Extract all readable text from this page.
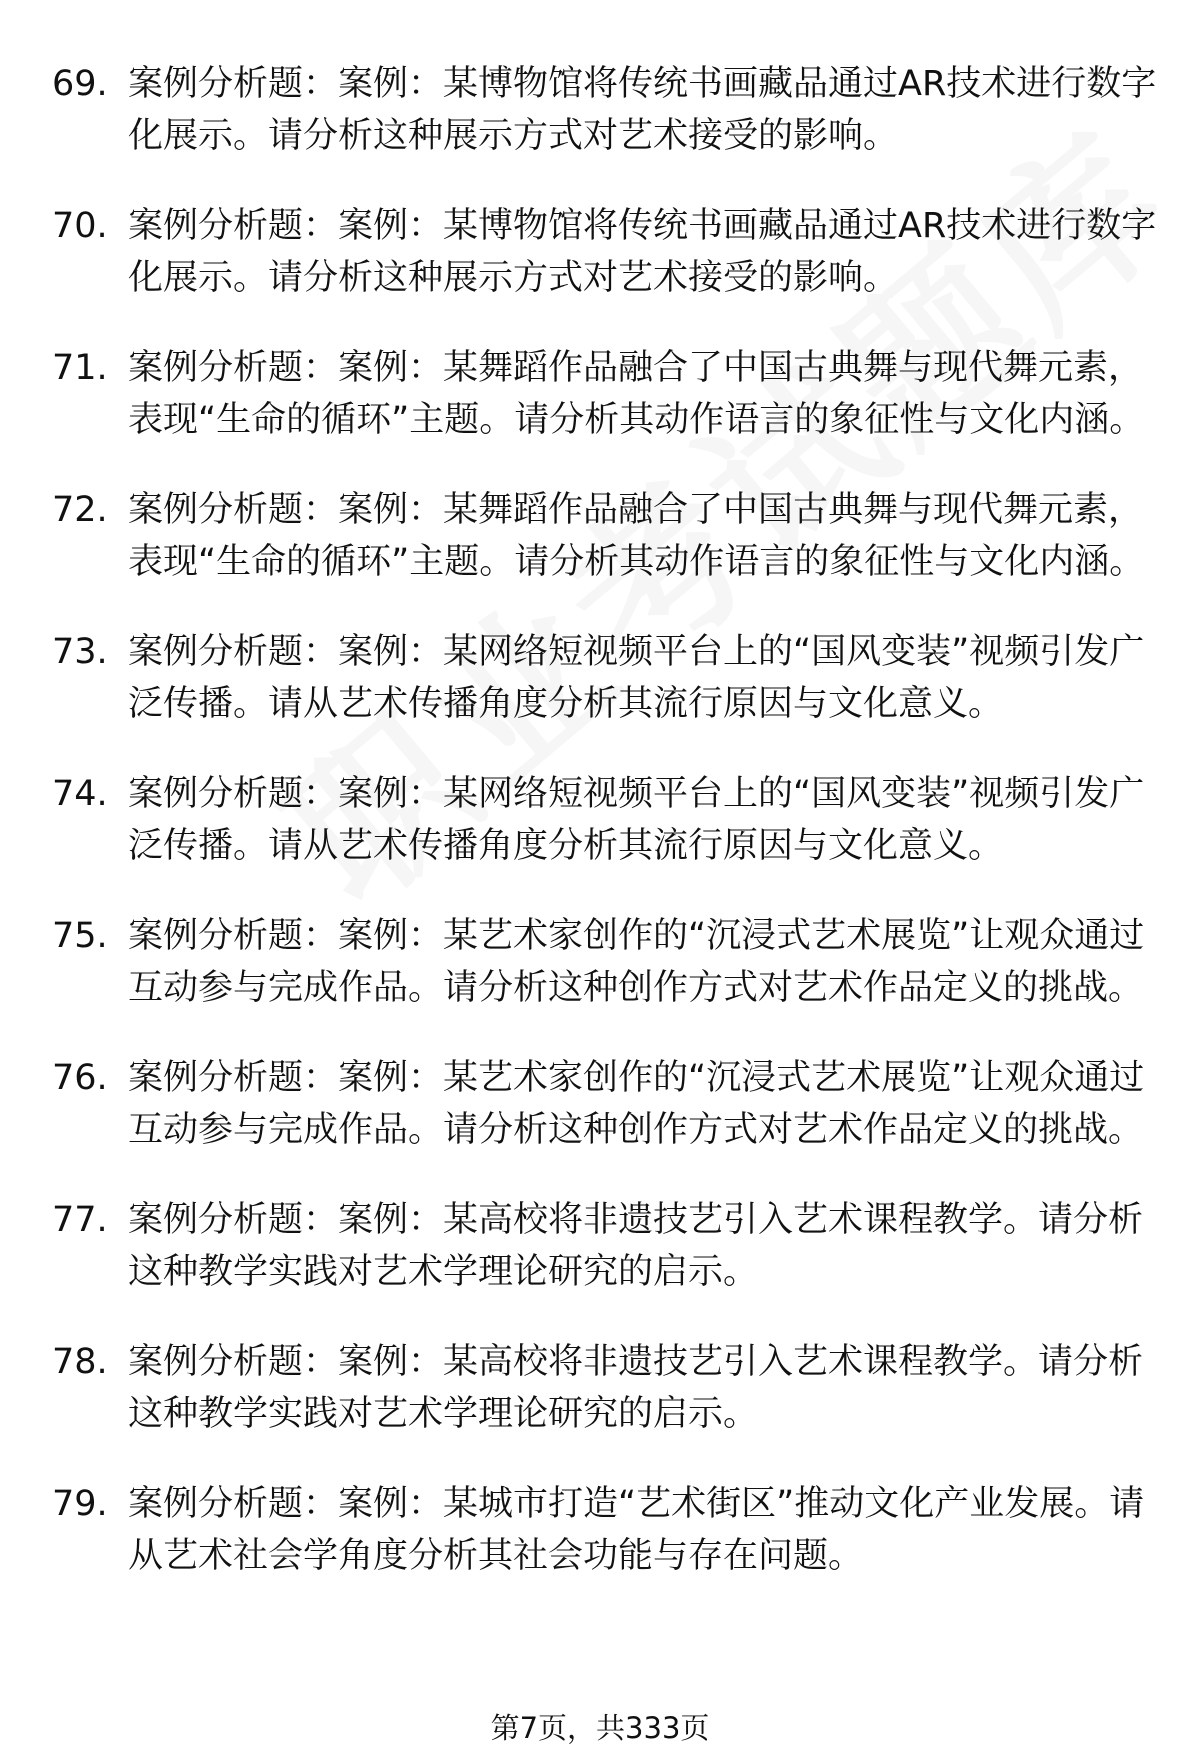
69. 案例分析题：案例：某博物馆将传统书画藏品通过AR技术进行数字化展示。请分析这种展示方式对艺术接受的影响。
70. 案例分析题：案例：某博物馆将传统书画藏品通过AR技术进行数字化展示。请分析这种展示方式对艺术接受的影响。
71. 案例分析题：案例：某舞蹈作品融合了中国古典舞与现代舞元素，表现“生命的循环”主题。请分析其动作语言的象征性与文化内涵。
72. 案例分析题：案例：某舞蹈作品融合了中国古典舞与现代舞元素，表现“生命的循环”主题。请分析其动作语言的象征性与文化内涵。
73. 案例分析题：案例：某网络短视频平台上的“国风变装”视频引发广泛传播。请从艺术传播角度分析其流行原因与文化意义。
74. 案例分析题：案例：某网络短视频平台上的“国风变装”视频引发广泛传播。请从艺术传播角度分析其流行原因与文化意义。
75. 案例分析题：案例：某艺术家创作的“沉浸式艺术展览”让观众通过互动参与完成作品。请分析这种创作方式对艺术作品定义的挑战。
76. 案例分析题：案例：某艺术家创作的“沉浸式艺术展览”让观众通过互动参与完成作品。请分析这种创作方式对艺术作品定义的挑战。
77. 案例分析题：案例：某高校将非遗技艺引入艺术课程教学。请分析这种教学实践对艺术学理论研究的启示。
78. 案例分析题：案例：某高校将非遗技艺引入艺术课程教学。请分析这种教学实践对艺术学理论研究的启示。
79. 案例分析题：案例：某城市打造“艺术街区”推动文化产业发展。请从艺术社会学角度分析其社会功能与存在问题。
第7页，共333页
